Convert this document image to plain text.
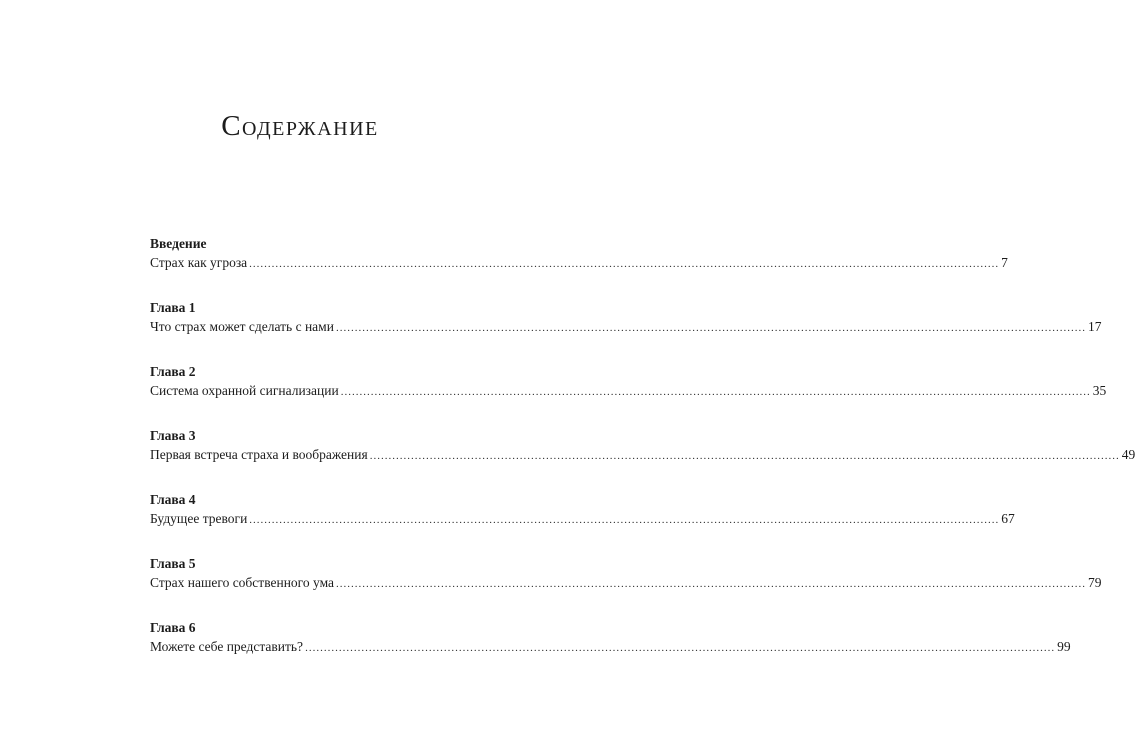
Содержание
Введение
Страх как угроза ........................................................................................................................................................................................................ 7
Глава 1
Что страх может сделать с нами ........................................................................................................................................................................................................ 17
Глава 2
Система охранной сигнализации ........................................................................................................................................................................................................ 35
Глава 3
Первая встреча страха и воображения ........................................................................................................................................................................................................ 49
Глава 4
Будущее тревоги ........................................................................................................................................................................................................ 67
Глава 5
Страх нашего собственного ума ........................................................................................................................................................................................................ 79
Глава 6
Можете себе представить? ........................................................................................................................................................................................................ 99
